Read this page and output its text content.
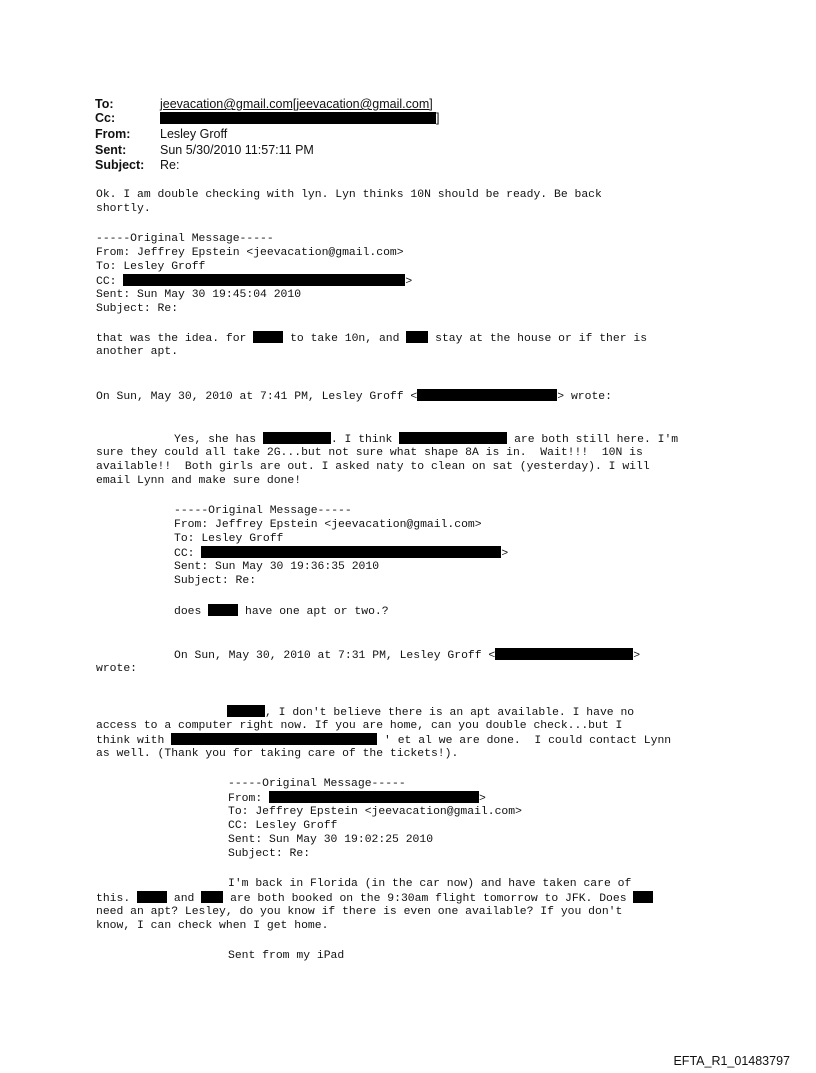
To:	jeevacation@gmail.com[jeevacation@gmail.com]
Cc:	]
From: Lesley Groff
Sent:	Sun 5/30/2010 11:57:11 PM
Subject: Re:
Ok. I am double checking with lyn. Lyn thinks 10N should be ready. Be back
shortly.
-----Original Message-----
From: Jeffrey Epstein <jeevacation@gmail.com>
To: Lesley Groff
CC:	>
Sent: Sun May 30 19:45:04 2010
Subject: Re:
that was the idea. for	to take 10n, and	stay at the house or if ther is
another apt.
On Sun, May 30, 2010 at 7:41 PM, Lesley Groff <	> wrote:
Yes, she has	. I think	are both still here. I'm
sure they could all take 2G...but not sure what shape 8A is in.  Wait!!!  10N is
available!!  Both girls are out. I asked naty to clean on sat (yesterday). I will
email Lynn and make sure done!
-----Original Message-----
From: Jeffrey Epstein <jeevacation@gmail.com>
To: Lesley Groff
CC:	>
Sent: Sun May 30 19:36:35 2010
Subject: Re:
does	have one apt or two.?
On Sun, May 30, 2010 at 7:31 PM, Lesley Groff <	>
wrote:
, I don't believe there is an apt available. I have no
access to a computer right now. If you are home, can you double check...but I
think with	' et al we are done.  I could contact Lynn
as well. (Thank you for taking care of the tickets!).
-----Original Message-----
From:	>
To: Jeffrey Epstein <jeevacation@gmail.com>
CC: Lesley Groff
Sent: Sun May 30 19:02:25 2010
Subject: Re:
I'm back in Florida (in the car now) and have taken care of
this.	and	are both booked on the 9:30am flight tomorrow to JFK. Does
need an apt? Lesley, do you know if there is even one available? If you don't
know, I can check when I get home.
Sent from my iPad
EFTA_R1_01483797
